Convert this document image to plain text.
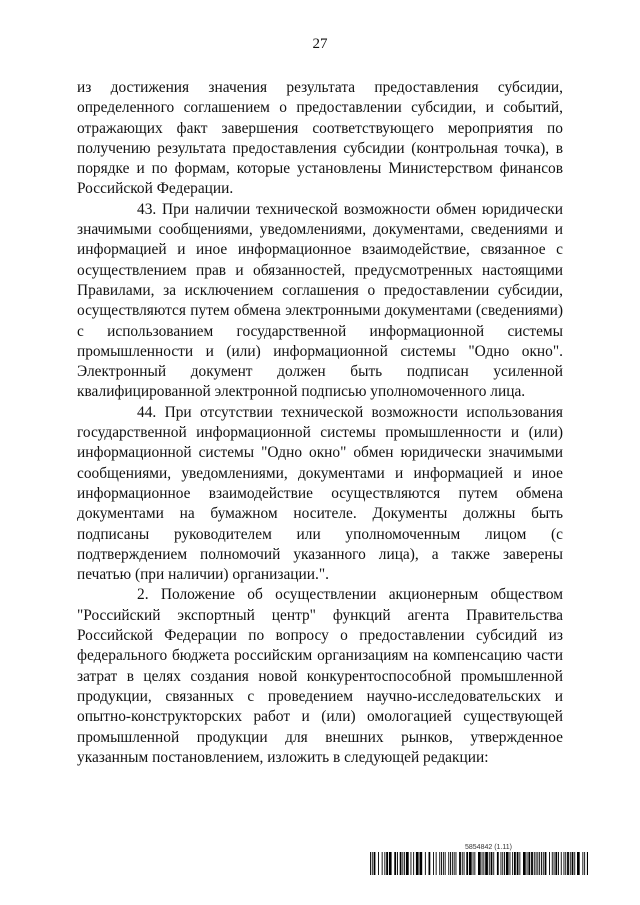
27

из достижения значения результата предоставления субсидии, определенного соглашением о предоставлении субсидии, и событий, отражающих факт завершения соответствующего мероприятия по получению результата предоставления субсидии (контрольная точка), в порядке и по формам, которые установлены Министерством финансов Российской Федерации.

43. При наличии технической возможности обмен юридически значимыми сообщениями, уведомлениями, документами, сведениями и информацией и иное информационное взаимодействие, связанное с осуществлением прав и обязанностей, предусмотренных настоящими Правилами, за исключением соглашения о предоставлении субсидии, осуществляются путем обмена электронными документами (сведениями) с использованием государственной информационной системы промышленности и (или) информационной системы "Одно окно". Электронный документ должен быть подписан усиленной квалифицированной электронной подписью уполномоченного лица.

44. При отсутствии технической возможности использования государственной информационной системы промышленности и (или) информационной системы "Одно окно" обмен юридически значимыми сообщениями, уведомлениями, документами и информацией и иное информационное взаимодействие осуществляются путем обмена документами на бумажном носителе. Документы должны быть подписаны руководителем или уполномоченным лицом (с подтверждением полномочий указанного лица), а также заверены печатью (при наличии) организации.".

2. Положение об осуществлении акционерным обществом "Российский экспортный центр" функций агента Правительства Российской Федерации по вопросу о предоставлении субсидий из федерального бюджета российским организациям на компенсацию части затрат в целях создания новой конкурентоспособной промышленной продукции, связанных с проведением научно-исследовательских и опытно-конструкторских работ и (или) омологацией существующей промышленной продукции для внешних рынков, утвержденное указанным постановлением, изложить в следующей редакции:

5854842 (1.11)
